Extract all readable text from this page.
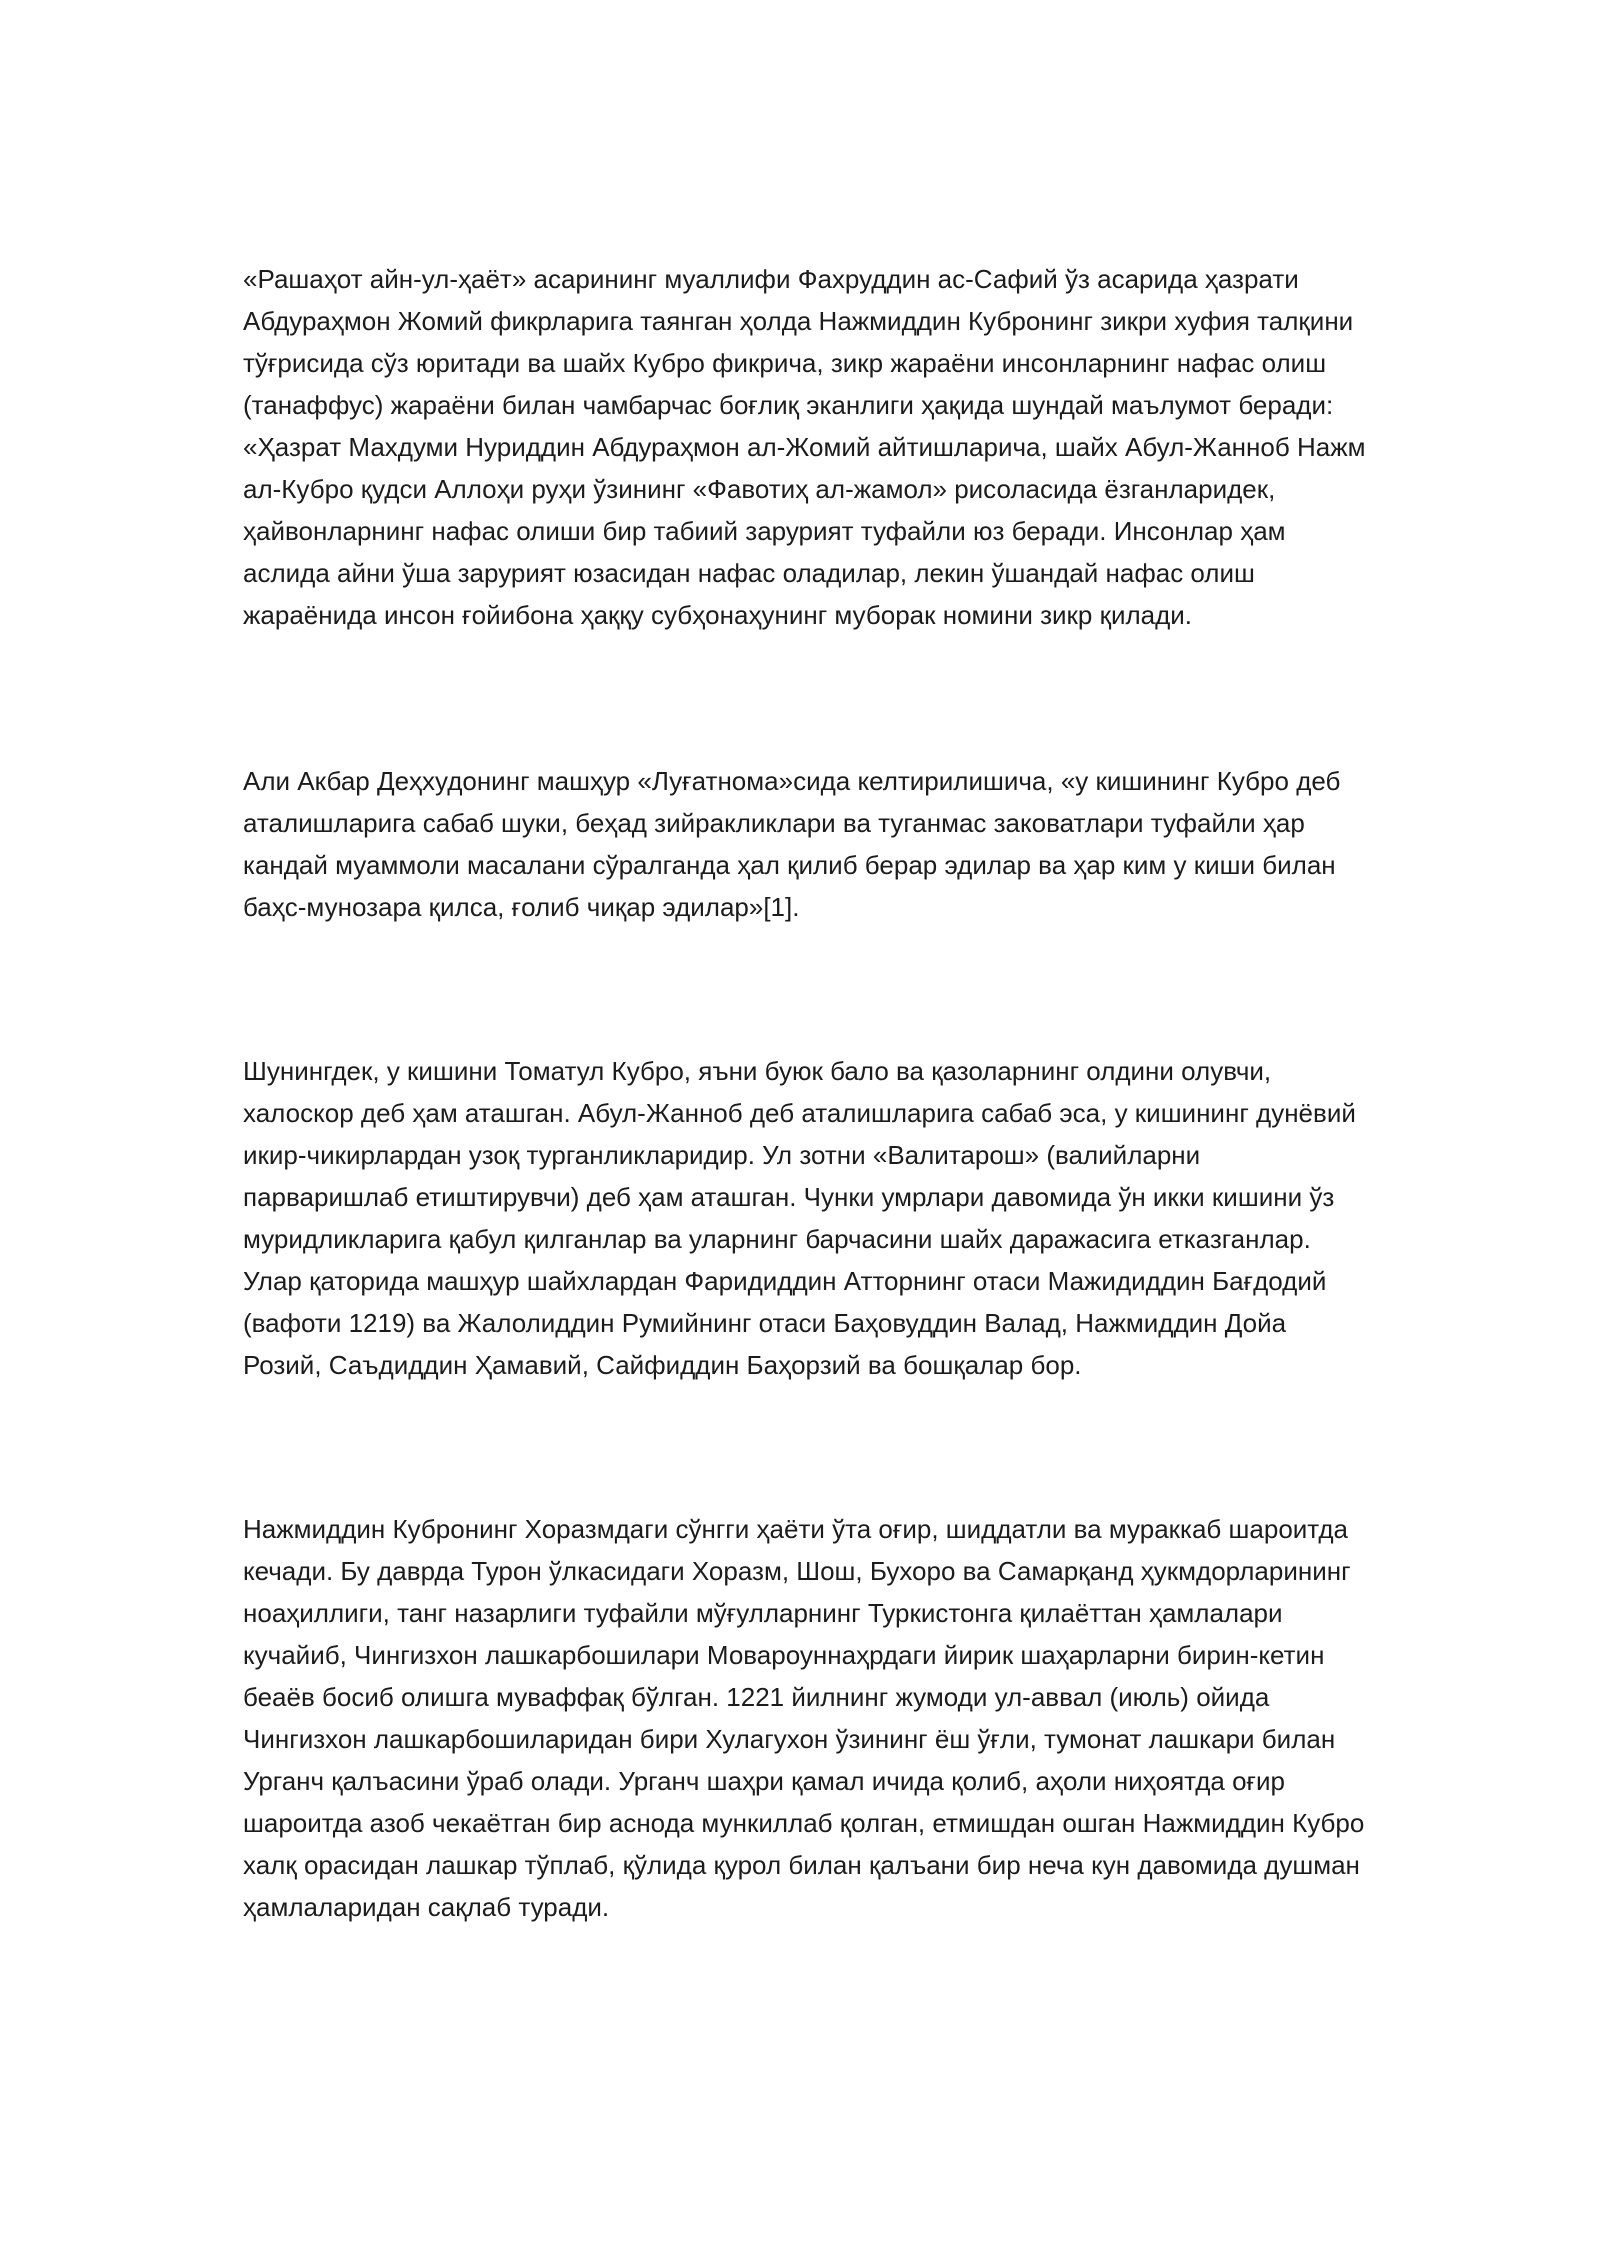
«Рашаҳот айн-ул-ҳаёт» асарининг муаллифи Фахруддин ас-Сафий ўз асарида ҳазрати Абдураҳмон Жомий фикрларига таянган ҳолда Нажмиддин Кубронинг зикри хуфия талқини тўғрисида сўз юритади ва шайх Кубро фикрича, зикр жараёни инсонларнинг нафас олиш (танаффус) жараёни билан чамбарчас боғлиқ эканлиги ҳақида шундай маълумот беради: «Ҳазрат Махдуми Нуриддин Абдураҳмон ал-Жомий айтишларича, шайх Абул-Жанноб Нажм ал-Кубро қудси Аллоҳи руҳи ўзининг «Фавотиҳ ал-жамол» рисоласида ёзганларидек, ҳайвонларнинг нафас олиши бир табиий зарурият туфайли юз беради. Инсонлар ҳам аслида айни ўша зарурият юзасидан нафас оладилар, лекин ўшандай нафас олиш жараёнида инсон ғойибона ҳаққу субҳонаҳунинг муборак номини зикр қилади.

Али Акбар Деҳхудонинг машҳур «Луғатнома»сида келтирилишича, «у кишининг Кубро деб аталишларига сабаб шуки, беҳад зийракликлари ва туганмас заковатлари туфайли ҳар кандай муаммоли масалани сўралганда ҳал қилиб берар эдилар ва ҳар ким у киши билан баҳс-мунозара қилса, ғолиб чиқар эдилар»[1].

Шунингдек, у кишини Томатул Кубро, яъни буюк бало ва қазоларнинг олдини олувчи, халоскор деб ҳам аташган. Абул-Жанноб деб аталишларига сабаб эса, у кишининг дунёвий икир-чикирлардан узоқ турганликларидир. Ул зотни «Валитарош» (валийларни парваришлаб етиштирувчи) деб ҳам аташган. Чунки умрлари давомида ўн икки кишини ўз муридликларига қабул қилганлар ва уларнинг барчасини шайх даражасига етказганлар. Улар қаторида машҳур шайхлардан Фаридиддин Атторнинг отаси Мажидиддин Бағдодий (вафоти 1219) ва Жалолиддин Румийнинг отаси Баҳовуддин Валад, Нажмиддин Дойа Розий, Саъдиддин Ҳамавий, Сайфиддин Баҳорзий ва бошқалар бор.

Нажмиддин Кубронинг Хоразмдаги сўнгги ҳаёти ўта оғир, шиддатли ва мураккаб шароитда кечади. Бу даврда Турон ўлкасидаги Хоразм, Шош, Бухоро ва Самарқанд ҳукмдорларининг ноаҳиллиги, танг назарлиги туфайли мўғулларнинг Туркистонга қилаёттан ҳамлалари кучайиб, Чингизхон лашкарбошилари Мовароуннаҳрдаги йирик шаҳарларни бирин-кетин беаёв босиб олишга муваффақ бўлган. 1221 йилнинг жумоди ул-аввал (июль) ойида Чингизхон лашкарбошиларидан бири Хулагухон ўзининг ёш ўғли, тумонат лашкари билан Урганч қалъасини ўраб олади. Урганч шаҳри қамал ичида қолиб, аҳоли ниҳоятда оғир шароитда азоб чекаётган бир аснода мункиллаб қолган, етмишдан ошган Нажмиддин Кубро халқ орасидан лашкар тўплаб, қўлида қурол билан қалъани бир неча кун давомида душман ҳамлаларидан сақлаб туради.
